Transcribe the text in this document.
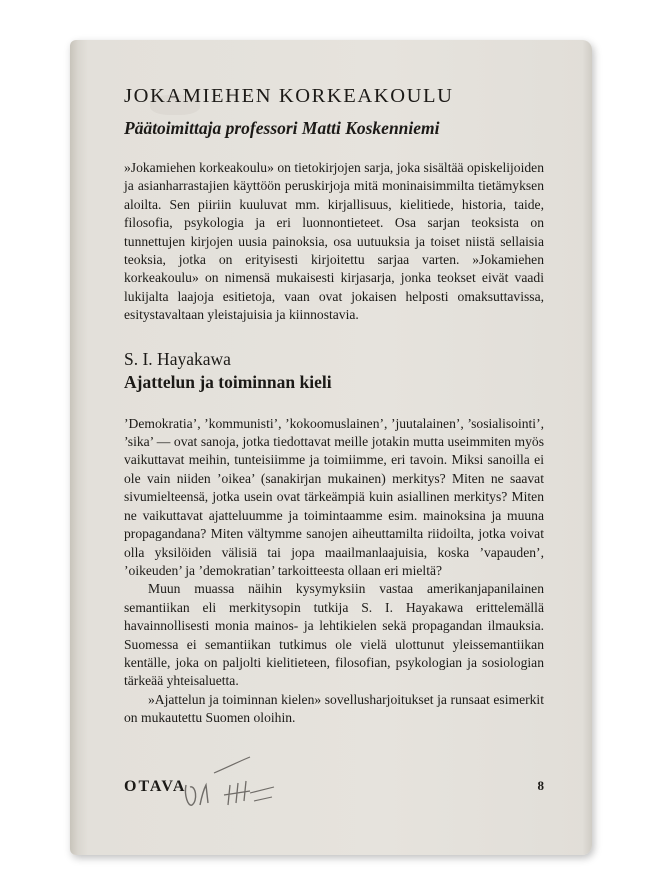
JOKAMIEHEN KORKEAKOULU

Päätoimittaja professori Matti Koskenniemi

»Jokamiehen korkeakoulu» on tietokirjojen sarja, joka sisältää opiskelijoiden ja asianharrastajien käyttöön peruskirjoja mitä moninaisimmilta tietämyksen aloilta. Sen piiriin kuuluvat mm. kirjallisuus, kielitiede, historia, taide, filosofia, psykologia ja eri luonnontieteet. Osa sarjan teoksista on tunnettujen kirjojen uusia painoksia, osa uutuuksia ja toiset niistä sellaisia teoksia, jotka on erityisesti kirjoitettu sarjaa varten. »Jokamiehen korkeakoulu» on nimensä mukaisesti kirjasarja, jonka teokset eivät vaadi lukijalta laajoja esitietoja, vaan ovat jokaisen helposti omaksuttavissa, esitystavaltaan yleistajuisia ja kiinnostavia.

S. I. Hayakawa

Ajattelun ja toiminnan kieli

’Demokratia’, ’kommunisti’, ’kokoomuslainen’, ’juutalainen’, ’sosialisointi’, ’sika’ — ovat sanoja, jotka tiedottavat meille jotakin mutta useimmiten myös vaikuttavat meihin, tunteisiimme ja toimiimme, eri tavoin. Miksi sanoilla ei ole vain niiden ’oikea’ (sanakirjan mukainen) merkitys? Miten ne saavat sivumielteensä, jotka usein ovat tärkeämpiä kuin asiallinen merkitys? Miten ne vaikuttavat ajatteluumme ja toimintaamme esim. mainoksina ja muuna propagandana? Miten vältymme sanojen aiheuttamilta riidoilta, jotka voivat olla yksilöiden välisiä tai jopa maailmanlaajuisia, koska ’vapauden’, ’oikeuden’ ja ’demokratian’ tarkoitteesta ollaan eri mieltä?

Muun muassa näihin kysymyksiin vastaa amerikanjapanilainen semantiikan eli merkitysopin tutkija S. I. Hayakawa erittelemällä havainnollisesti monia mainos- ja lehtikielen sekä propagandan ilmauksia. Suomessa ei semantiikan tutkimus ole vielä ulottunut yleissemantiikan kentälle, joka on paljolti kielitieteen, filosofian, psykologian ja sosiologian tärkeää yhteisaluetta.

»Ajattelun ja toiminnan kielen» sovellusharjoitukset ja runsaat esimerkit on mukautettu Suomen oloihin.

OTAVA	8
